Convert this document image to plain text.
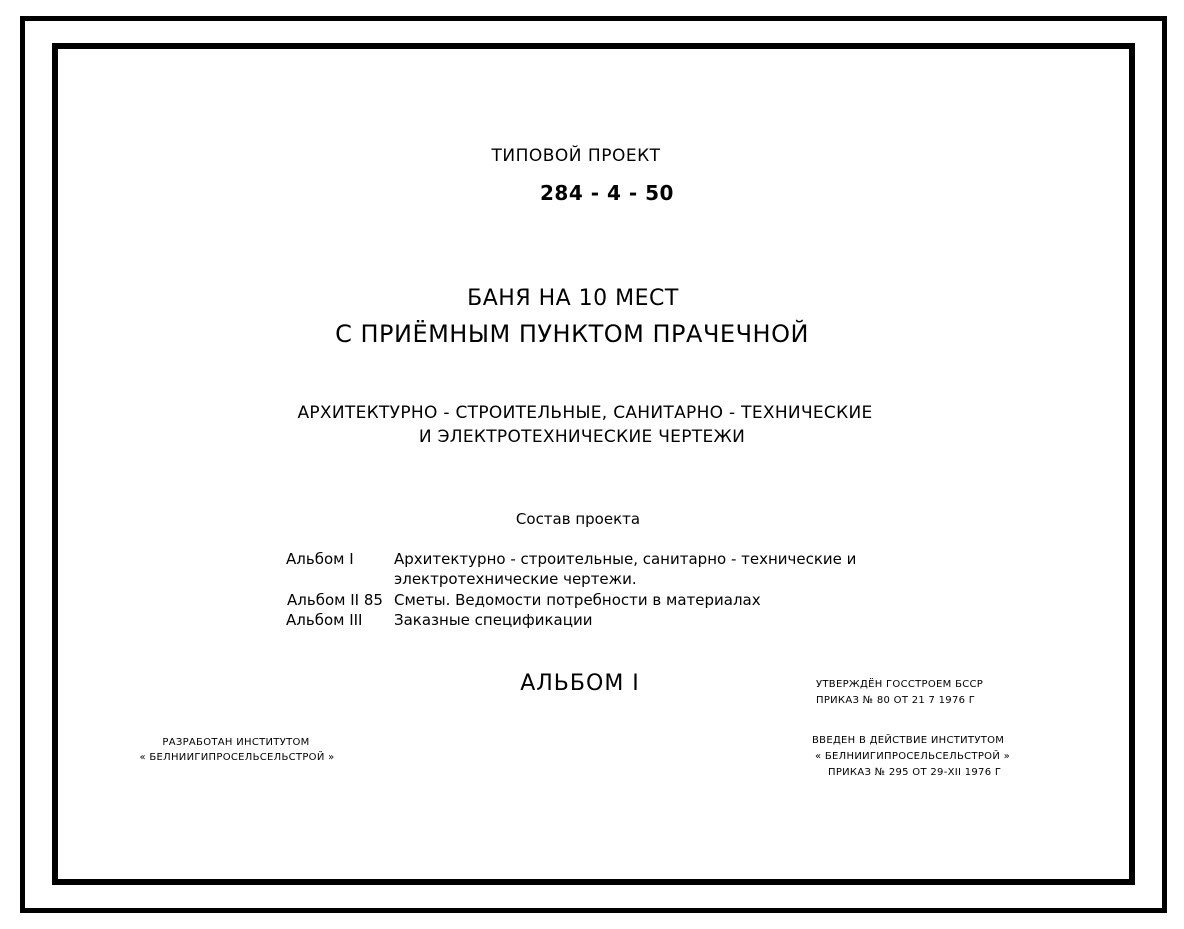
ТИПОВОЙ ПРОЕКТ
284 - 4 - 50
БАНЯ НА 10 МЕСТ
С ПРИЁМНЫМ ПУНКТОМ ПРАЧЕЧНОЙ
АРХИТЕКТУРНО - СТРОИТЕЛЬНЫЕ, САНИТАРНО - ТЕХНИЧЕСКИЕ
И ЭЛЕКТРОТЕХНИЧЕСКИЕ ЧЕРТЕЖИ
Состав проекта
Альбом I	Архитектурно - строительные, санитарно - технические и
электротехнические чертежи.
Альбом II 85 Сметы. Ведомости потребности в материалах
Альбом III Заказные спецификации
АЛЬБОМ I	УТВЕРЖДЁН ГОССТРОЕМ БССР
ПРИКАЗ № 80 ОТ 21 7 1976 Г
РАЗРАБОТАН ИНСТИТУТОМ
« БЕЛНИИГИПРОСЕЛЬСЕЛЬСТРОЙ »
ВВЕДЕН В ДЕЙСТВИЕ ИНСТИТУТОМ
« БЕЛНИИГИПРОСЕЛЬСЕЛЬСТРОЙ »
ПРИКАЗ № 295 ОТ 29-XII 1976 Г
